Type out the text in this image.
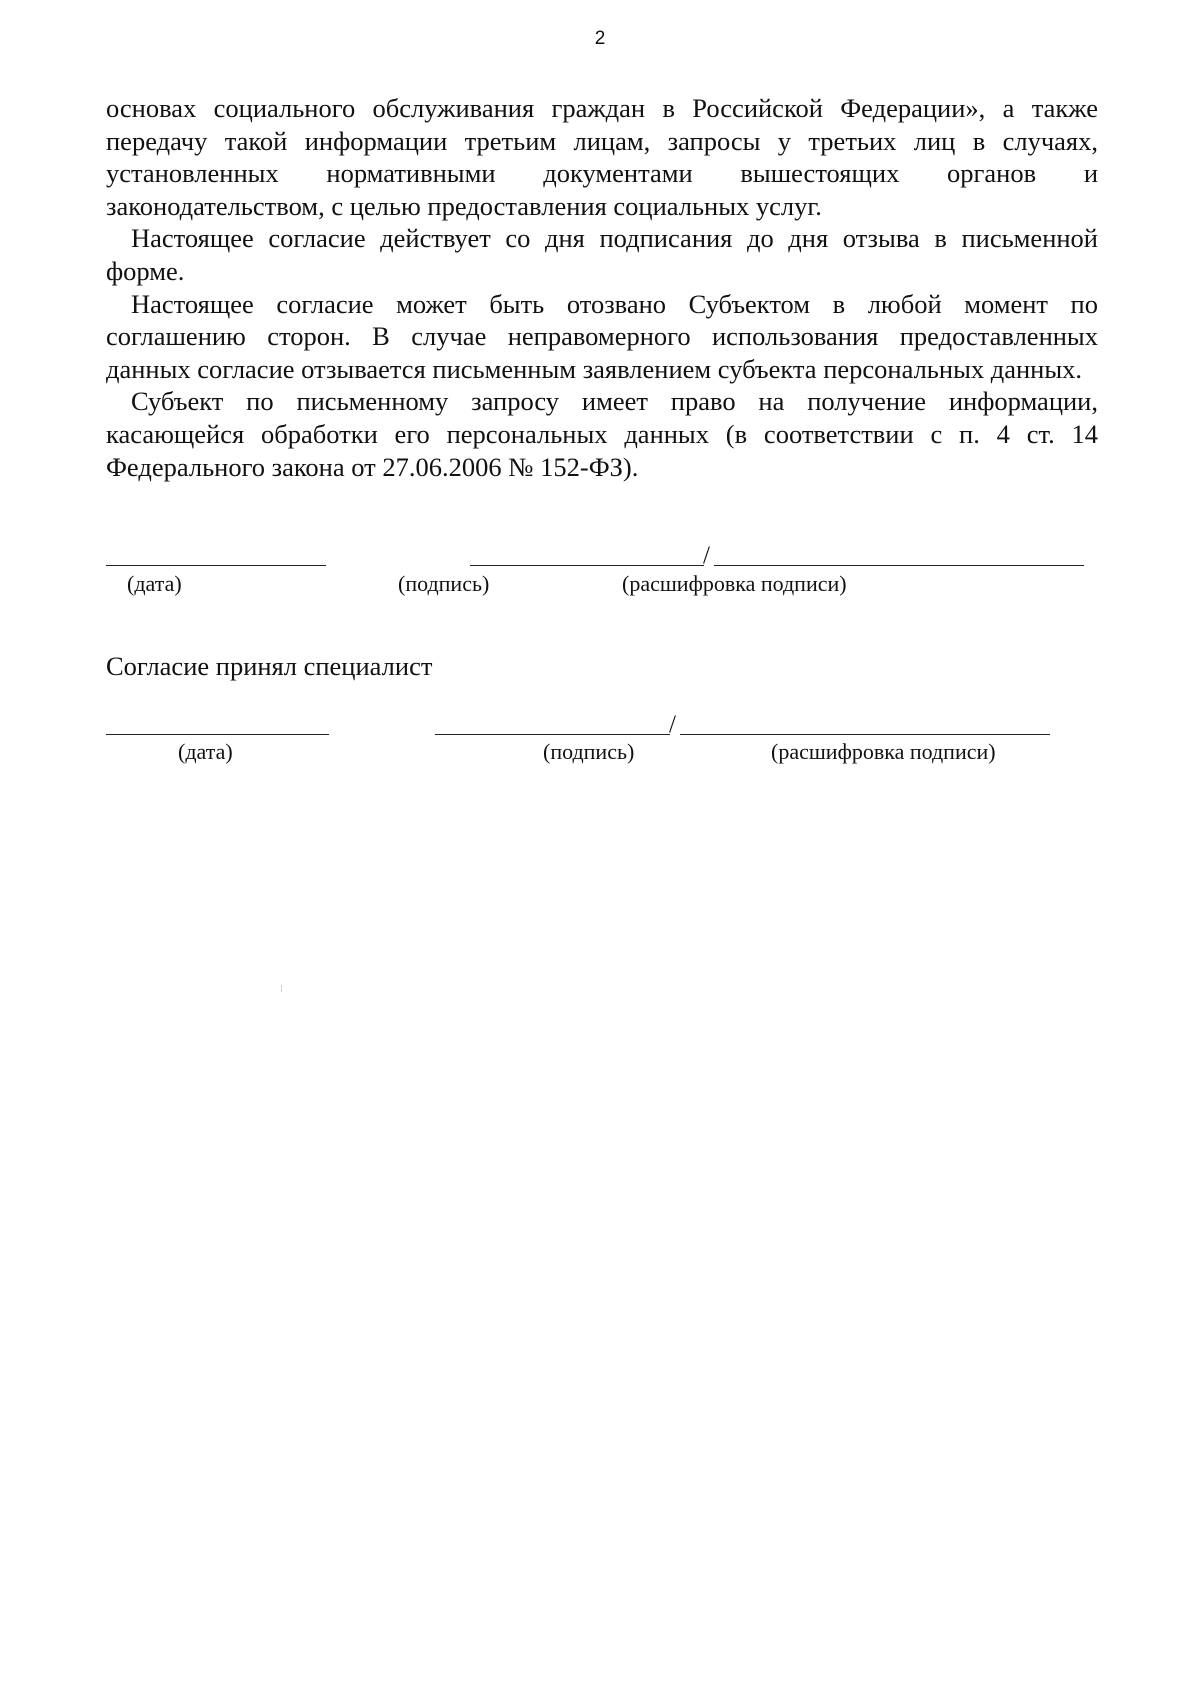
2

основах социального обслуживания граждан в Российской Федерации», а также передачу такой информации третьим лицам, запросы у третьих лиц в случаях, установленных нормативными документами вышестоящих органов и законодательством, с целью предоставления социальных услуг.

Настоящее согласие действует со дня подписания до дня отзыва в письменной форме.

Настоящее согласие может быть отозвано Субъектом в любой момент по соглашению сторон. В случае неправомерного использования предоставленных данных согласие отзывается письменным заявлением субъекта персональных данных.

Субъект по письменному запросу имеет право на получение информации, касающейся обработки его персональных данных (в соответствии с п. 4 ст. 14 Федерального закона от 27.06.2006 № 152-ФЗ).

/
(дата)	(подпись)	(расшифровка подписи)
Согласие принял специалист
/
(дата)	(подпись)	(расшифровка подписи)
